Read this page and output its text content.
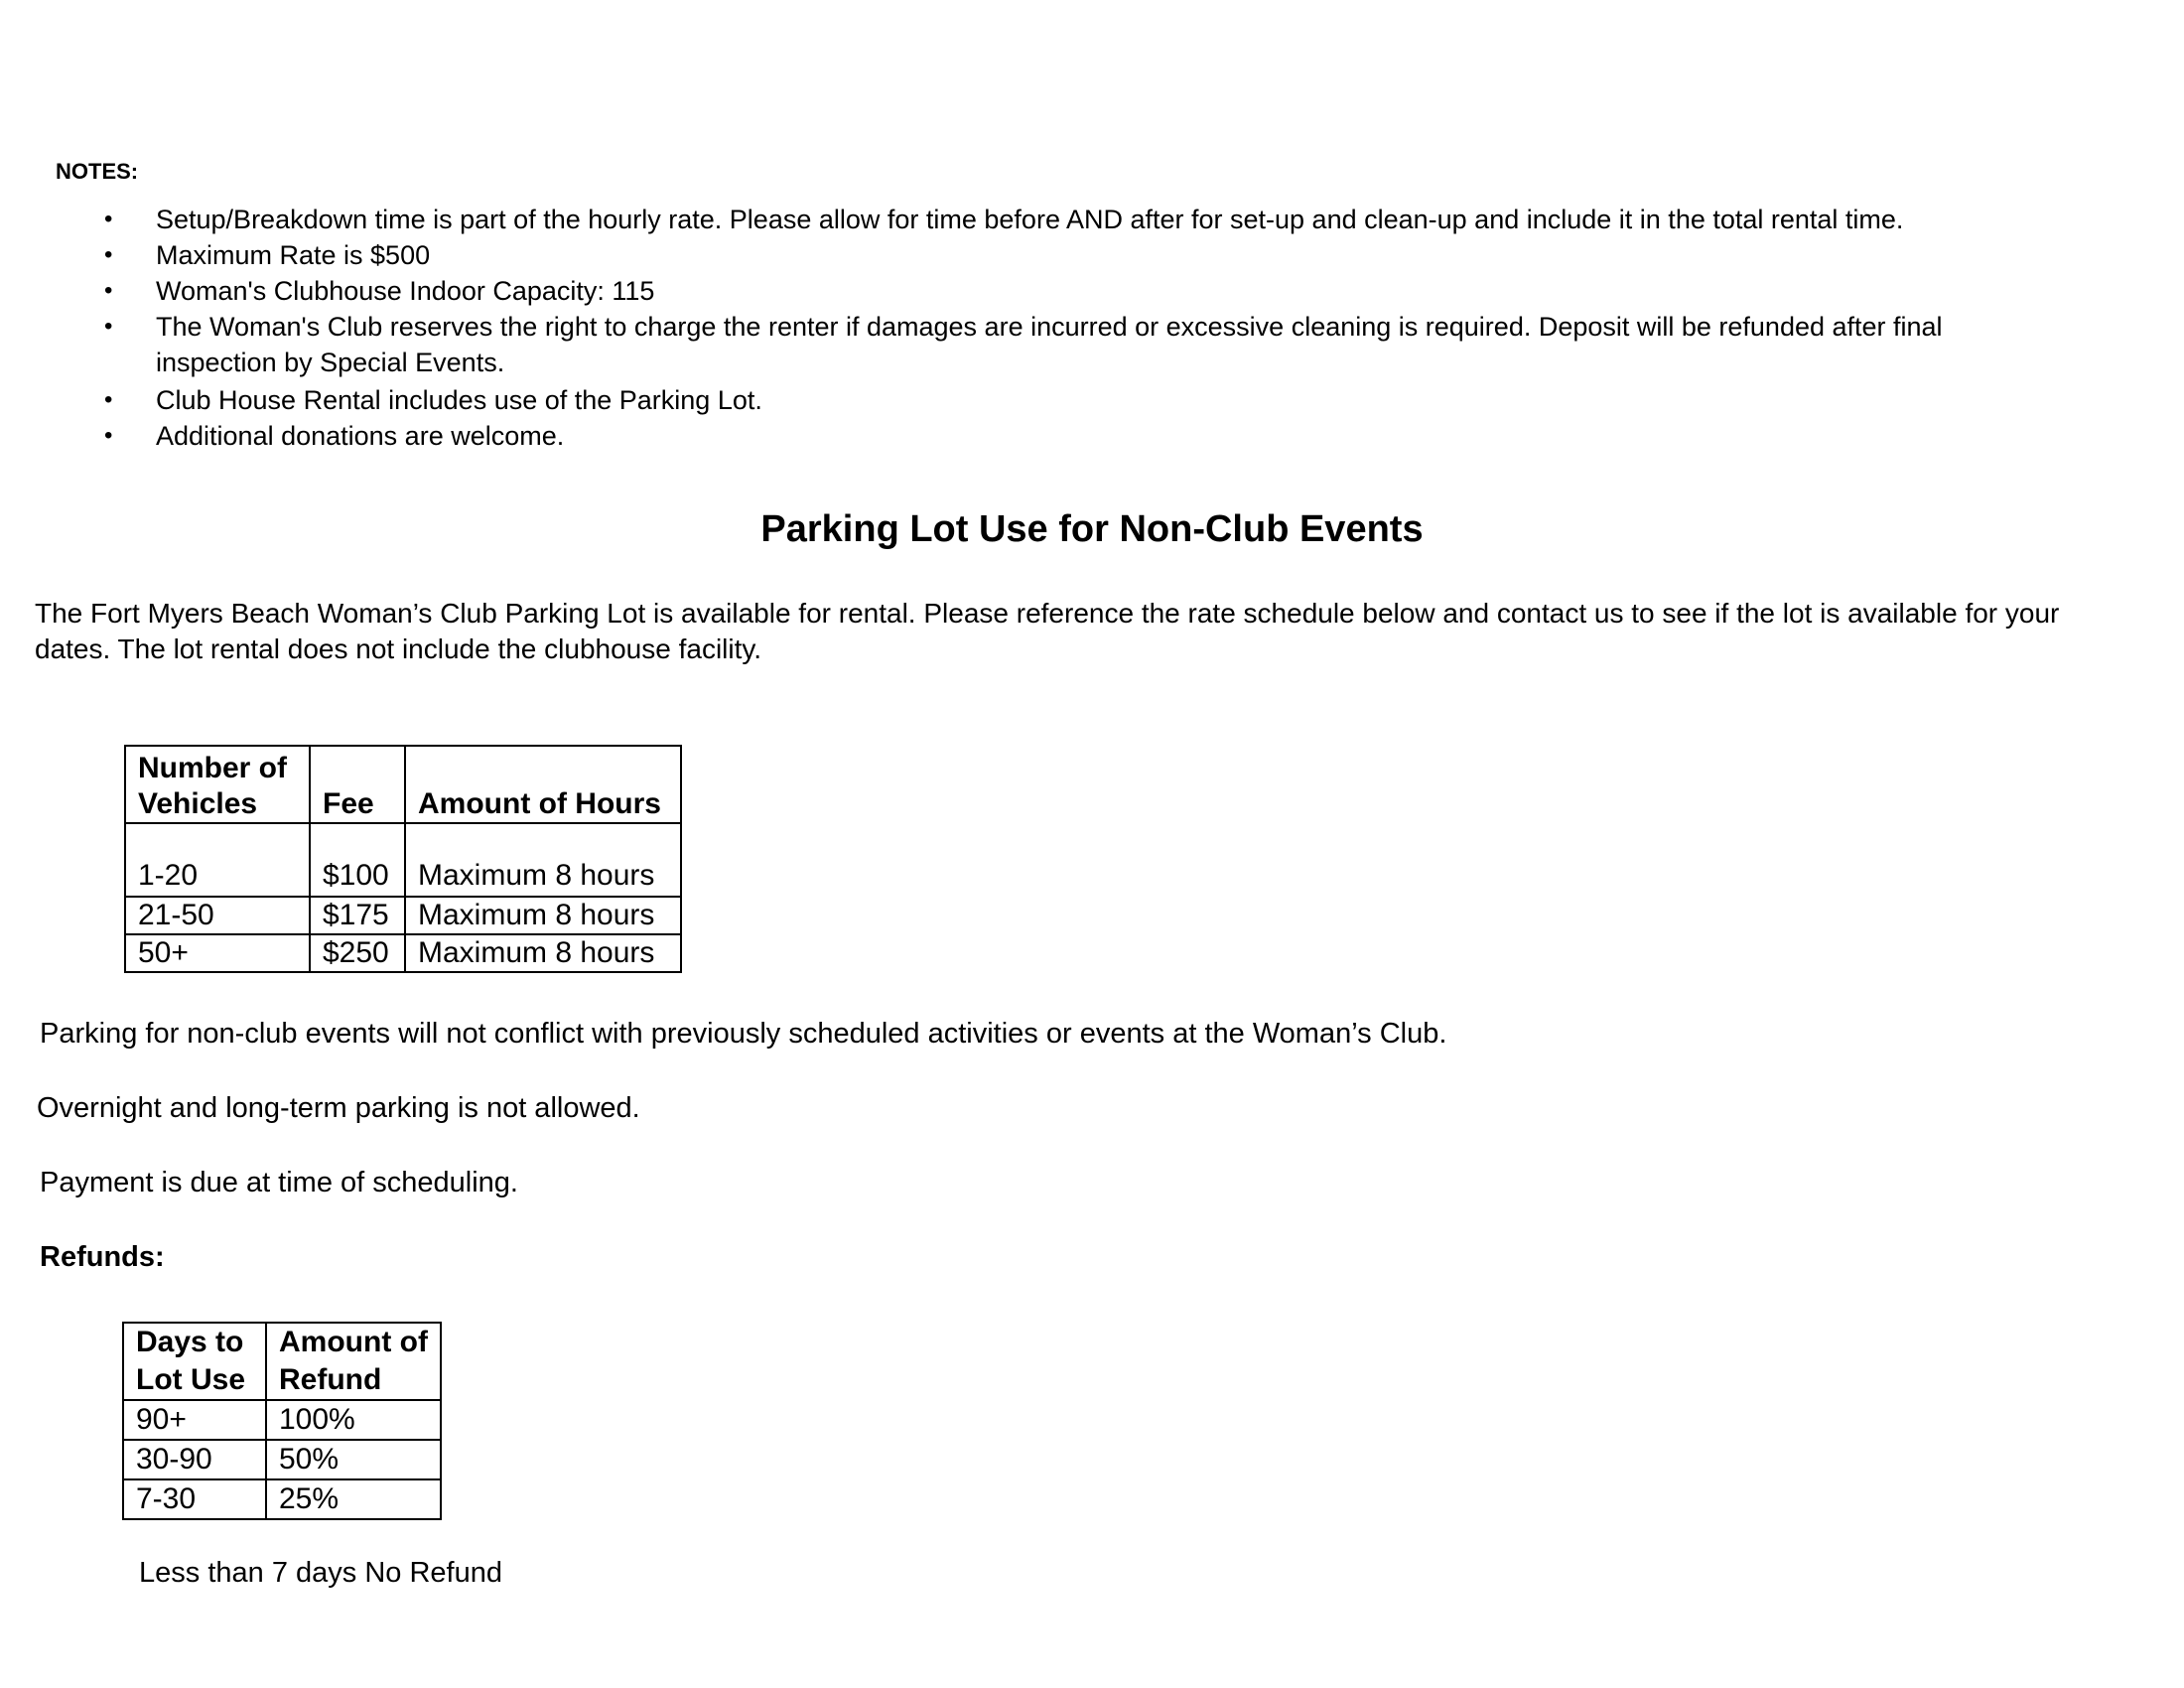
NOTES:
• Setup/Breakdown time is part of the hourly rate. Please allow for time before AND after for set-up and clean-up and include it in the total rental time.
• Maximum Rate is $500
• Woman's Clubhouse Indoor Capacity: 115
• The Woman's Club reserves the right to charge the renter if damages are incurred or excessive cleaning is required. Deposit will be refunded after final inspection by Special Events.
• Club House Rental includes use of the Parking Lot.
• Additional donations are welcome.
Parking Lot Use for Non-Club Events

The Fort Myers Beach Woman’s Club Parking Lot is available for rental. Please reference the rate schedule below and contact us to see if the lot is available for your dates. The lot rental does not include the clubhouse facility.

Number of Vehicles	Fee	Amount of Hours
1-20	$100	Maximum 8 hours
21-50	$175	Maximum 8 hours
50+	$250	Maximum 8 hours

Parking for non-club events will not conflict with previously scheduled activities or events at the Woman’s Club.

Overnight and long-term parking is not allowed.

Payment is due at time of scheduling.

Refunds:

Days to Lot Use	Amount of Refund
90+	100%
30-90	50%
7-30	25%

Less than 7 days No Refund
